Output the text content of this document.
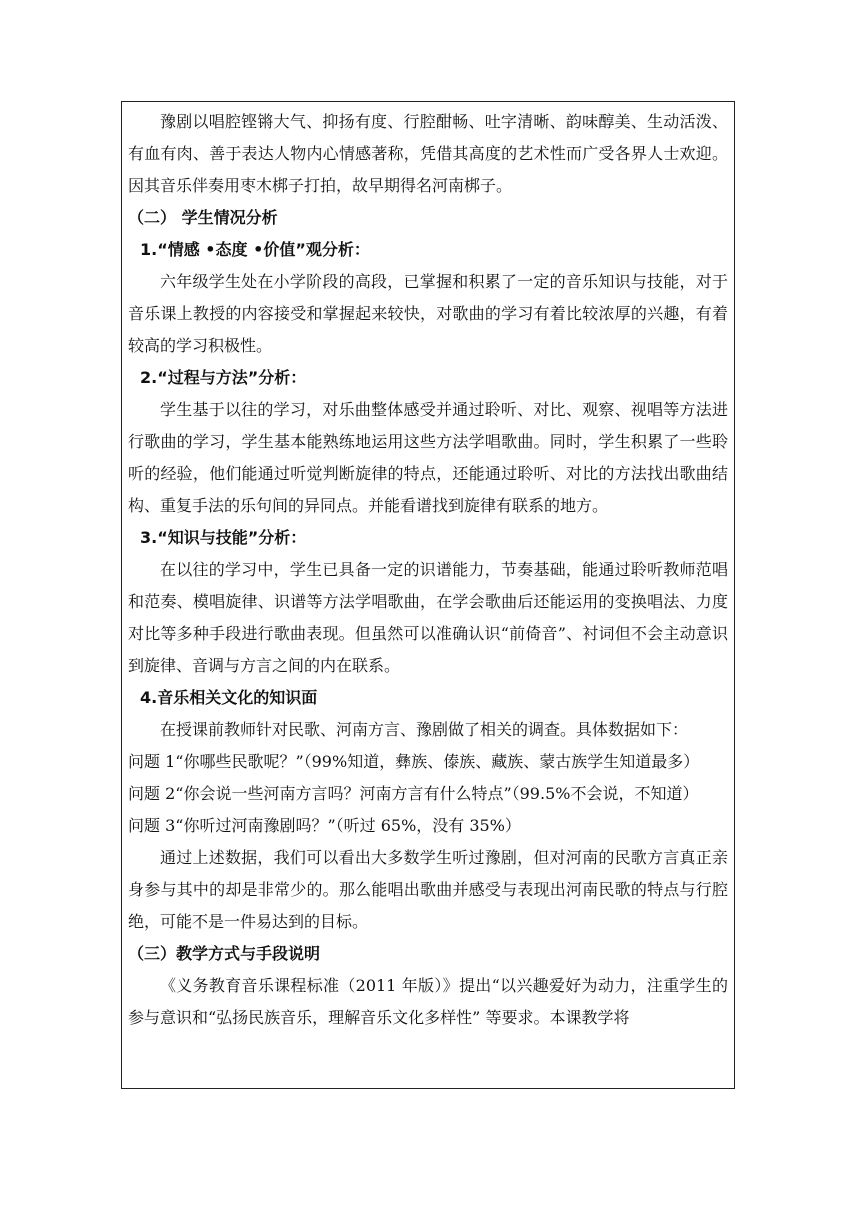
豫剧以唱腔铿锵大气、抑扬有度、行腔酣畅、吐字清晰、韵味醇美、生动活泼、有血有肉、善于表达人物内心情感著称，凭借其高度的艺术性而广受各界人士欢迎。因其音乐伴奏用枣木梆子打拍，故早期得名河南梆子。

（二） 学生情况分析

1.“情感 •态度 •价值”观分析：

六年级学生处在小学阶段的高段，已掌握和积累了一定的音乐知识与技能，对于音乐课上教授的内容接受和掌握起来较快，对歌曲的学习有着比较浓厚的兴趣，有着较高的学习积极性。

2.“过程与方法”分析：

学生基于以往的学习，对乐曲整体感受并通过聆听、对比、观察、视唱等方法进行歌曲的学习，学生基本能熟练地运用这些方法学唱歌曲。同时，学生积累了一些聆听的经验，他们能通过听觉判断旋律的特点，还能通过聆听、对比的方法找出歌曲结构、重复手法的乐句间的异同点。并能看谱找到旋律有联系的地方。

3.“知识与技能”分析：

在以往的学习中，学生已具备一定的识谱能力，节奏基础，能通过聆听教师范唱和范奏、模唱旋律、识谱等方法学唱歌曲，在学会歌曲后还能运用的变换唱法、力度对比等多种手段进行歌曲表现。但虽然可以准确认识“前倚音”、衬词但不会主动意识到旋律、音调与方言之间的内在联系。

4.音乐相关文化的知识面

在授课前教师针对民歌、河南方言、豫剧做了相关的调查。具体数据如下：

问题 1“你哪些民歌呢？”（99%知道，彝族、傣族、藏族、蒙古族学生知道最多）

问题 2“你会说一些河南方言吗？河南方言有什么特点”（99.5%不会说，不知道）

问题 3“你听过河南豫剧吗？”（听过 65%，没有 35%）

通过上述数据，我们可以看出大多数学生听过豫剧，但对河南的民歌方言真正亲身参与其中的却是非常少的。那么能唱出歌曲并感受与表现出河南民歌的特点与行腔绝，可能不是一件易达到的目标。

（三）教学方式与手段说明

《义务教育音乐课程标准（2011 年版）》提出“以兴趣爱好为动力，注重学生的参与意识和“弘扬民族音乐，理解音乐文化多样性” 等要求。本课教学将
